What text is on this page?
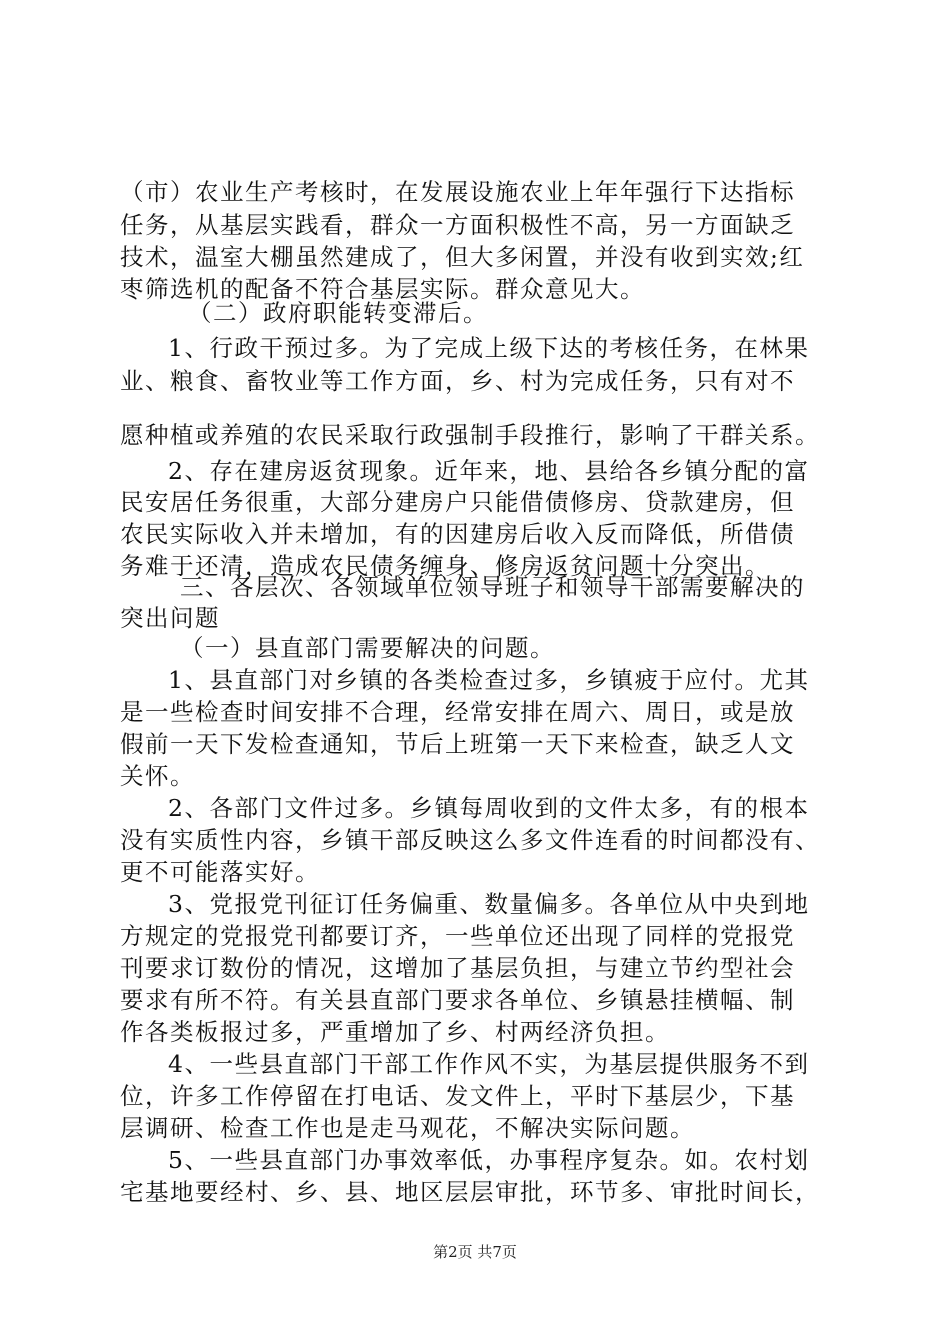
（市）农业生产考核时，在发展设施农业上年年强行下达指标
任务，从基层实践看，群众一方面积极性不高，另一方面缺乏
技术，温室大棚虽然建成了，但大多闲置，并没有收到实效;红
枣筛选机的配备不符合基层实际。群众意见大。
（二）政府职能转变滞后。
1、行政干预过多。为了完成上级下达的考核任务，在林果
业、粮食、畜牧业等工作方面，乡、村为完成任务，只有对不
愿种植或养殖的农民采取行政强制手段推行，影响了干群关系。
2、存在建房返贫现象。近年来，地、县给各乡镇分配的富
民安居任务很重，大部分建房户只能借债修房、贷款建房，但
农民实际收入并未增加，有的因建房后收入反而降低，所借债
务难于还清，造成农民债务缠身、修房返贫问题十分突出。
三、各层次、各领域单位领导班子和领导干部需要解决的
突出问题
（一）县直部门需要解决的问题。
1、县直部门对乡镇的各类检查过多，乡镇疲于应付。尤其
是一些检查时间安排不合理，经常安排在周六、周日，或是放
假前一天下发检查通知，节后上班第一天下来检查，缺乏人文
关怀。
2、各部门文件过多。乡镇每周收到的文件太多，有的根本
没有实质性内容，乡镇干部反映这么多文件连看的时间都没有、
更不可能落实好。
3、党报党刊征订任务偏重、数量偏多。各单位从中央到地
方规定的党报党刊都要订齐，一些单位还出现了同样的党报党
刊要求订数份的情况，这增加了基层负担，与建立节约型社会
要求有所不符。有关县直部门要求各单位、乡镇悬挂横幅、制
作各类板报过多，严重增加了乡、村两经济负担。
4、一些县直部门干部工作作风不实，为基层提供服务不到
位，许多工作停留在打电话、发文件上，平时下基层少，下基
层调研、检查工作也是走马观花，不解决实际问题。
5、一些县直部门办事效率低，办事程序复杂。如。农村划
宅基地要经村、乡、县、地区层层审批，环节多、审批时间长，
第2页 共7页
